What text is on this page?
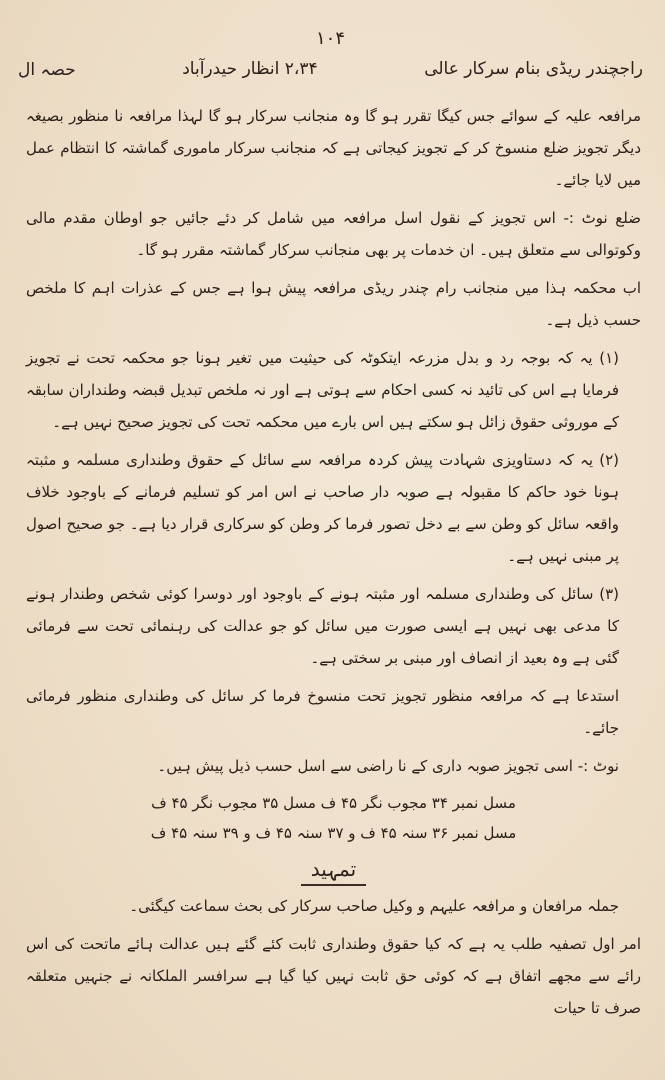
١٠۴
راجچندر ریڈی بنام سرکار عالی
۲،۳۴ انظار حیدرآباد
حصہ ال

مرافعہ علیہ کے سوائے جس کیگا تقرر ہو گا وہ منجانب سرکار ہو گا لہذا مرافعہ نا منظور بصیغہ دیگر تجویز ضلع منسوخ کر کے تجویز کیجاتی ہے کہ منجانب سرکار ماموری گماشتہ کا انتظام عمل میں لایا جائے۔

ضلع نوٹ :- اس تجویز کے نقول اسل مرافعہ میں شامل کر دئے جائیں جو اوطان مقدم مالی وکوتوالی سے متعلق ہیں۔ ان خدمات پر بھی منجانب سرکار گماشتہ مقرر ہو گا۔

اب محکمہ ہذا میں منجانب رام چندر ریڈی مرافعہ پیش ہوا ہے جس کے عذرات اہم کا ملخص حسب ذیل ہے۔

(۱) یہ کہ بوجہ رد و بدل مزرعہ ایتکوٹہ کی حیثیت میں تغیر ہونا جو محکمہ تحت نے تجویز فرمایا ہے اس کی تائید نہ کسی احکام سے ہوتی ہے اور نہ ملخص تبدیل قبضہ وطنداران سابقہ کے موروثی حقوق زائل ہو سکتے ہیں اس بارے میں محکمہ تحت کی تجویز صحیح نہیں ہے۔

(۲) یہ کہ دستاویزی شہادت پیش کردہ مرافعہ سے سائل کے حقوق وطنداری مسلمہ و مثبتہ ہونا خود حاکم کا مقبولہ ہے صوبہ دار صاحب نے اس امر کو تسلیم فرمانے کے باوجود خلاف واقعہ سائل کو وطن سے بے دخل تصور فرما کر وطن کو سرکاری قرار دیا ہے۔ جو صحیح اصول پر مبنی نہیں ہے۔

(۳) سائل کی وطنداری مسلمہ اور مثبتہ ہونے کے باوجود اور دوسرا کوئی شخص وطندار ہونے کا مدعی بھی نہیں ہے ایسی صورت میں سائل کو جو عدالت کی رہنمائی تحت سے فرمائی گئی ہے وہ بعید از انصاف اور مبنی بر سختی ہے۔

استدعا ہے کہ مرافعہ منظور تجویز تحت منسوخ فرما کر سائل کی وطنداری منظور فرمائی جائے۔

نوٹ :- اسی تجویز صوبہ داری کے نا راضی سے اسل حسب ذیل پیش ہیں۔

مسل نمبر ۳۴ مجوب نگر ۴۵ ف مسل ۳۵ مجوب نگر ۴۵ ف

مسل نمبر ۳۶ سنہ ۴۵ ف و ۳۷ سنہ ۴۵ ف و ۳۹ سنہ ۴۵ ف

تمہید

جملہ مرافعان و مرافعہ علیہم و وکیل صاحب سرکار کی بحث سماعت کیگئی۔

امر اول تصفیہ طلب یہ ہے کہ کیا حقوق وطنداری ثابت کئے گئے ہیں عدالت ہائے ماتحت کی اس رائے سے مجھے اتفاق ہے کہ کوئی حق ثابت نہیں کیا گیا ہے سرافسر الملکانہ نے جنہیں متعلقہ صرف تا حیات
